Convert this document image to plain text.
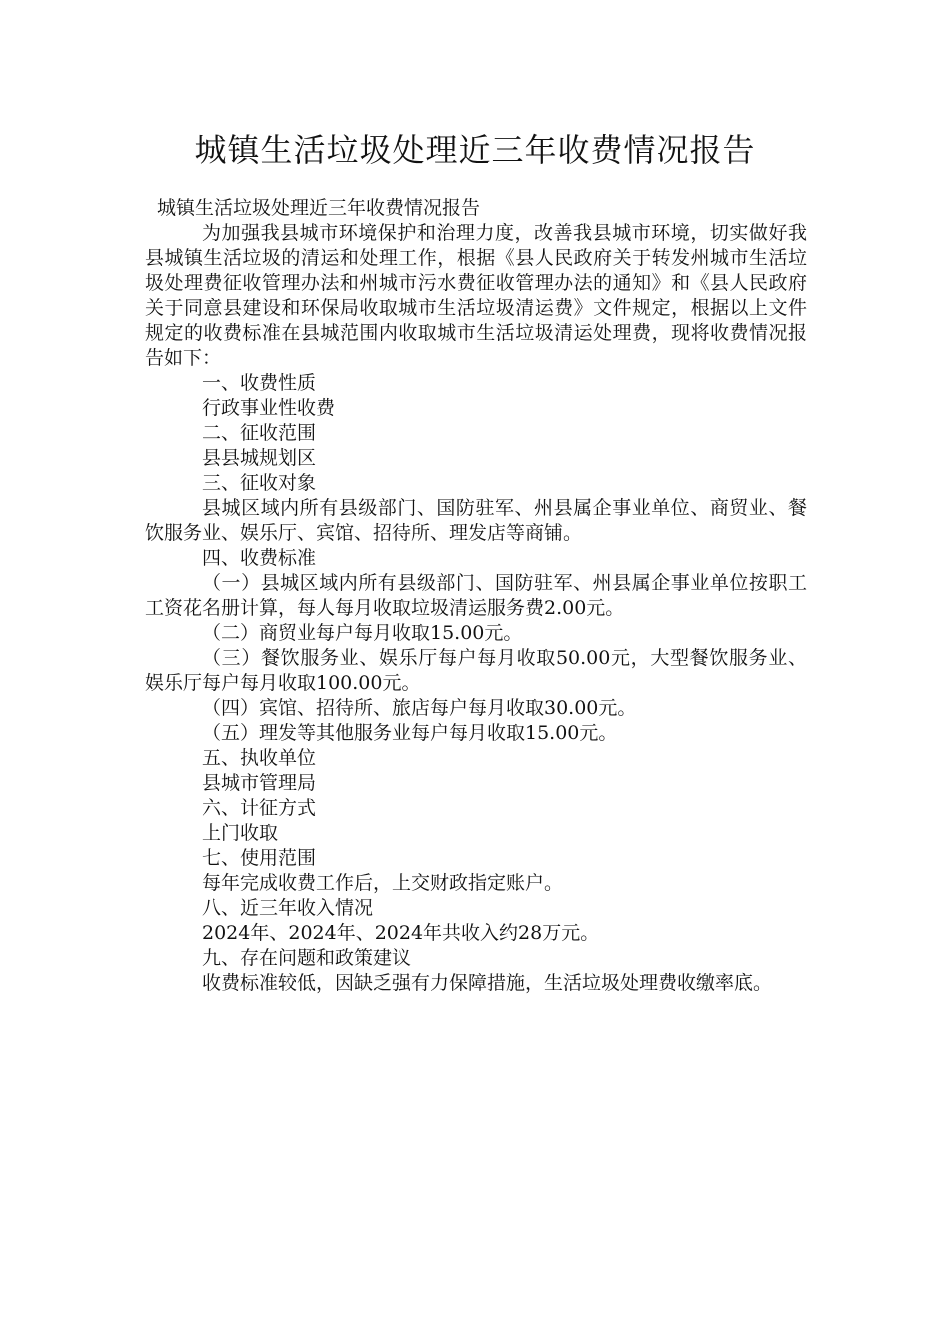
城镇生活垃圾处理近三年收费情况报告

城镇生活垃圾处理近三年收费情况报告

为加强我县城市环境保护和治理力度，改善我县城市环境，切实做好我县城镇生活垃圾的清运和处理工作，根据《县人民政府关于转发州城市生活垃圾处理费征收管理办法和州城市污水费征收管理办法的通知》和《县人民政府关于同意县建设和环保局收取城市生活垃圾清运费》文件规定，根据以上文件规定的收费标准在县城范围内收取城市生活垃圾清运处理费，现将收费情况报告如下：

一、收费性质

行政事业性收费

二、征收范围

县县城规划区

三、征收对象

县城区域内所有县级部门、国防驻军、州县属企事业单位、商贸业、餐饮服务业、娱乐厅、宾馆、招待所、理发店等商铺。

四、收费标准

（一）县城区域内所有县级部门、国防驻军、州县属企事业单位按职工工资花名册计算，每人每月收取垃圾清运服务费2.00元。

（二）商贸业每户每月收取15.00元。

（三）餐饮服务业、娱乐厅每户每月收取50.00元，大型餐饮服务业、娱乐厅每户每月收取100.00元。

（四）宾馆、招待所、旅店每户每月收取30.00元。

（五）理发等其他服务业每户每月收取15.00元。

五、执收单位

县城市管理局

六、计征方式

上门收取

七、使用范围

每年完成收费工作后，上交财政指定账户。

八、近三年收入情况

2024年、2024年、2024年共收入约28万元。

九、存在问题和政策建议

收费标准较低，因缺乏强有力保障措施，生活垃圾处理费收缴率底。
